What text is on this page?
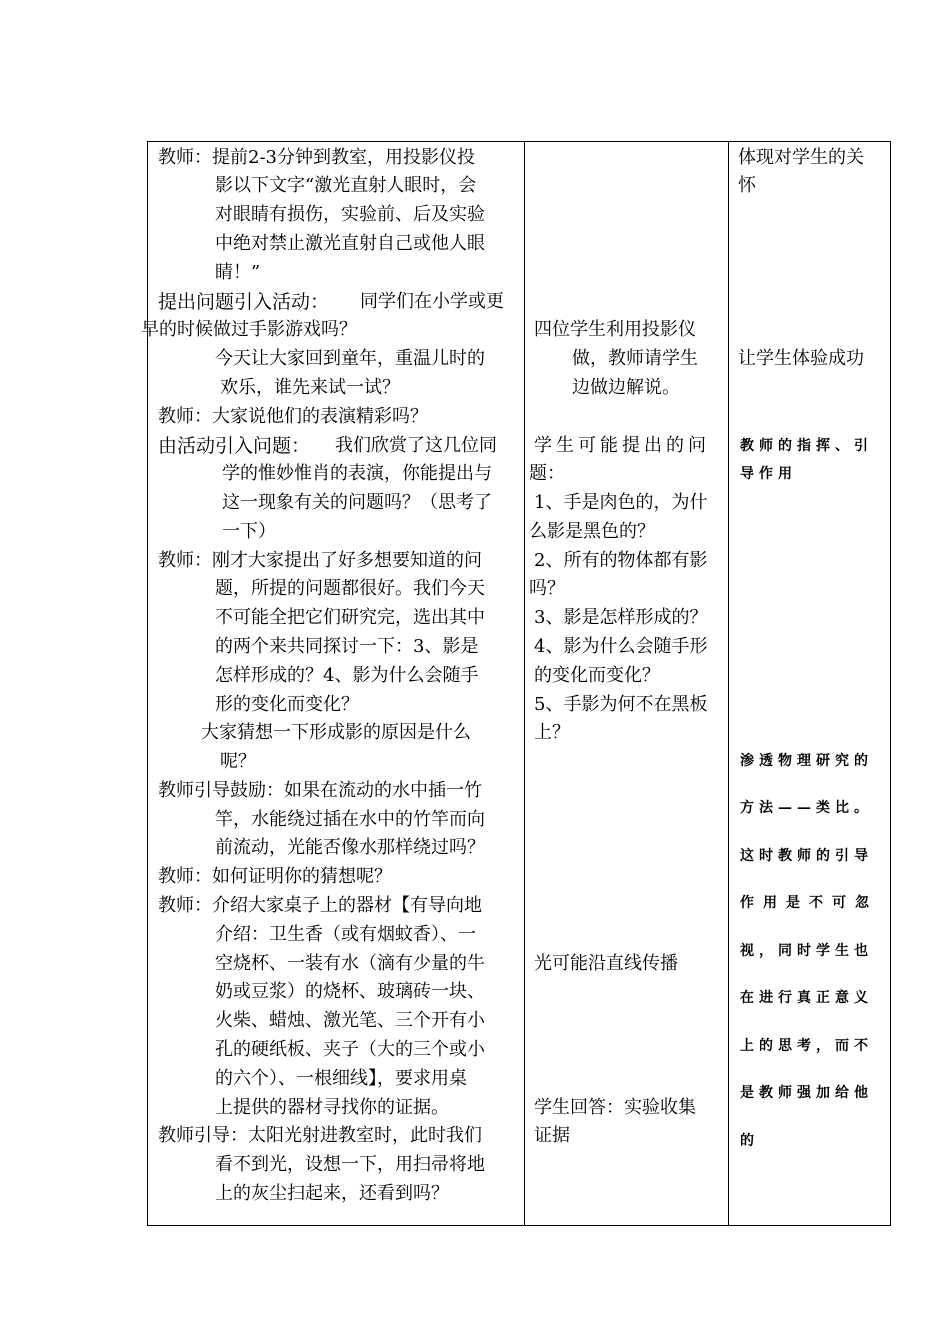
教师：提前2-3分钟到教室，用投影仪投

影以下文字“激光直射人眼时，会

对眼睛有损伤，实验前、后及实验

中绝对禁止激光直射自己或他人眼

睛！”

提出问题引入活动： 同学们在小学或更

早的时候做过手影游戏吗？

今天让大家回到童年，重温儿时的

欢乐，谁先来试一试？

教师：大家说他们的表演精彩吗？

由活动引入问题： 我们欣赏了这几位同

学的惟妙惟肖的表演，你能提出与

这一现象有关的问题吗？（思考了

一下）

教师：刚才大家提出了好多想要知道的问

题，所提的问题都很好。我们今天

不可能全把它们研究完，选出其中

的两个来共同探讨一下：3、影是

怎样形成的？4、影为什么会随手

形的变化而变化？

大家猜想一下形成影的原因是什么

呢？

教师引导鼓励：如果在流动的水中插一竹

竿，水能绕过插在水中的竹竿而向

前流动，光能否像水那样绕过吗？

教师：如何证明你的猜想呢？

教师：介绍大家桌子上的器材【有导向地

介绍：卫生香（或有烟蚊香）、一

空烧杯、一装有水（滴有少量的牛

奶或豆浆）的烧杯、玻璃砖一块、

火柴、蜡烛、激光笔、三个开有小

孔的硬纸板、夹子（大的三个或小

的六个）、一根细线】，要求用桌

上提供的器材寻找你的证据。

教师引导：太阳光射进教室时，此时我们

看不到光，设想一下，用扫帚将地

上的灰尘扫起来，还看到吗？

四位学生利用投影仪

做，教师请学生

边做边解说。

学生可能提出的问

题：

1、手是肉色的，为什

么影是黑色的？

2、所有的物体都有影

吗？

3、影是怎样形成的？

4、影为什么会随手形

的变化而变化？

5、手影为何不在黑板

上？

光可能沿直线传播

学生回答：实验收集

证据

体现对学生的关

怀

让学生体验成功

教师的指挥、引

导作用

渗透物理研究的

方法——类比。

这时教师的引导

作用是不可忽

视，同时学生也

在进行真正意义

上的思考，而不

是教师强加给他

的
